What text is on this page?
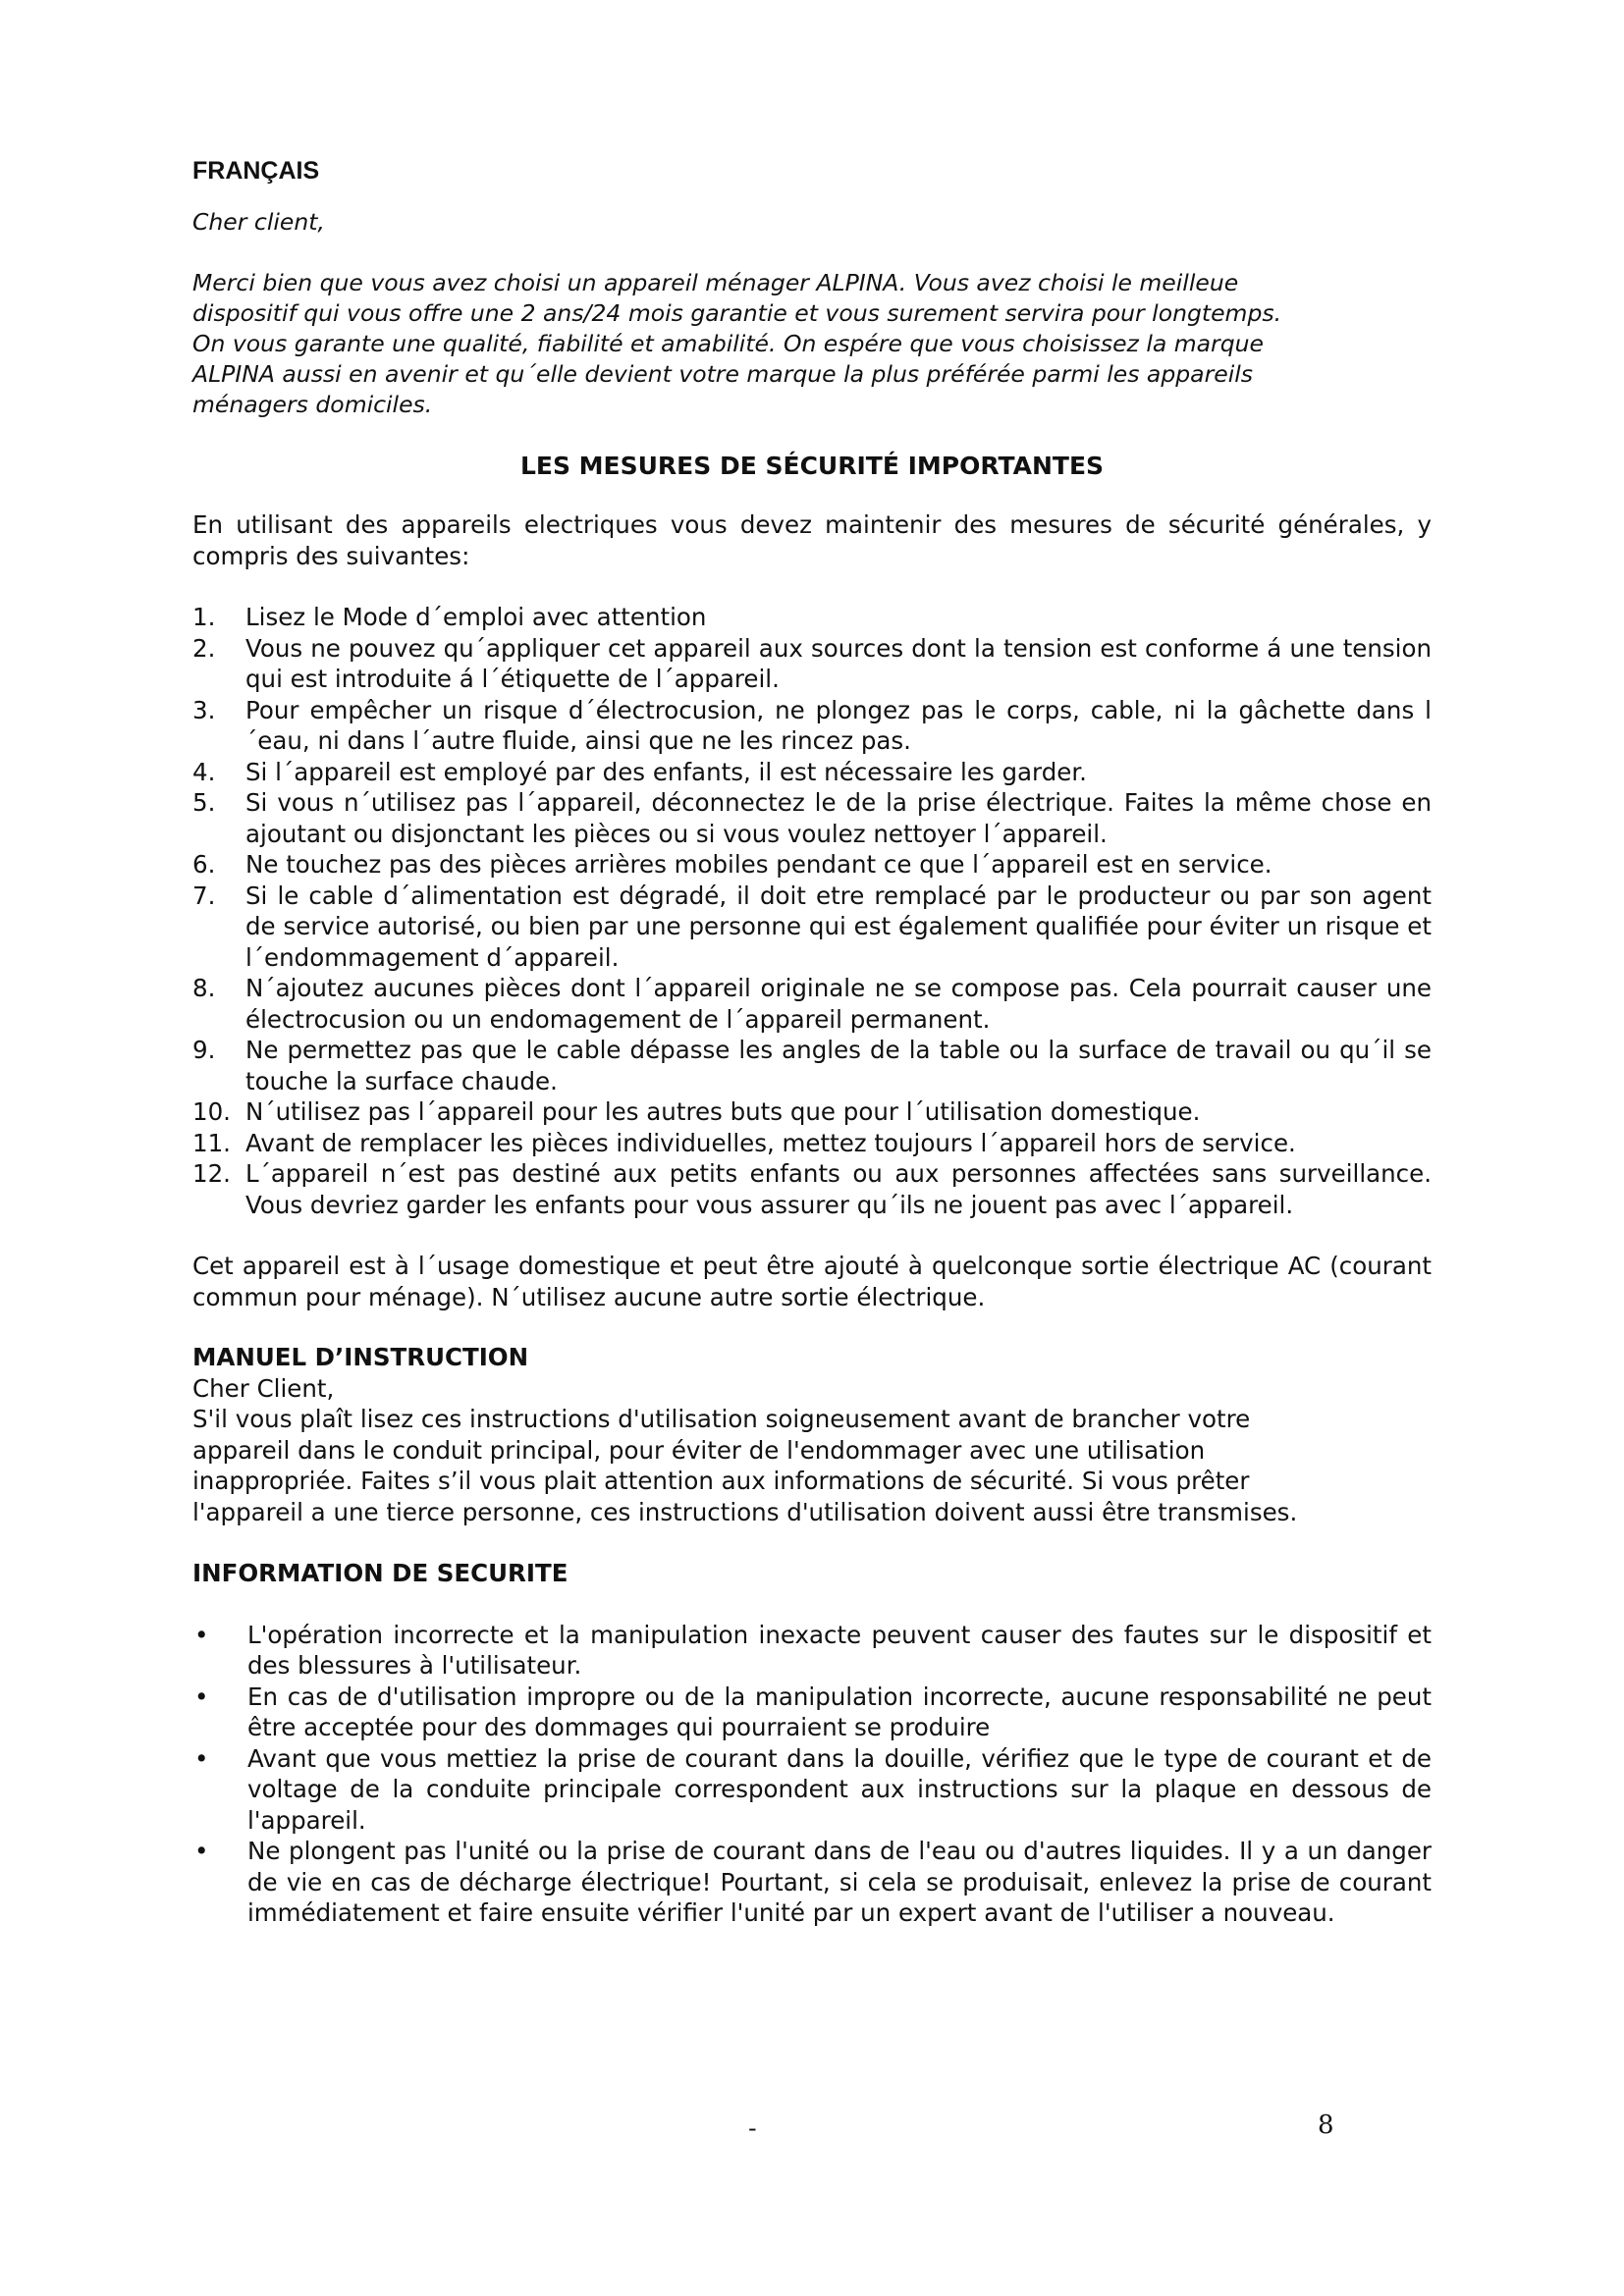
FRANÇAIS

Cher client,

Merci bien que vous avez choisi un appareil ménager ALPINA. Vous avez choisi le meilleue
dispositif qui vous offre une 2 ans/24 mois garantie et vous surement servira pour longtemps.
On vous garante une qualité, fiabilité et amabilité. On espére que vous choisissez la marque
ALPINA aussi en avenir et qu´elle devient votre marque la plus préférée parmi les appareils
ménagers domiciles.

LES MESURES DE SÉCURITÉ IMPORTANTES

En utilisant des appareils electriques vous devez maintenir des mesures de sécurité générales, y compris des suivantes:

1.	Lisez le Mode d´emploi avec attention
2.	Vous ne pouvez qu´appliquer cet appareil aux sources dont la tension est conforme á une tension qui est introduite á l´étiquette de l´appareil.
3.	Pour empêcher un risque d´électrocusion, ne plongez pas le corps, cable, ni la gâchette dans l´eau, ni dans l´autre fluide, ainsi que ne les rincez pas.
4.	Si l´appareil est employé par des enfants, il est nécessaire les garder.
5.	Si vous n´utilisez pas l´appareil, déconnectez le de la prise électrique. Faites la même chose en ajoutant ou disjonctant les pièces ou si vous voulez nettoyer l´appareil.
6.	Ne touchez pas des pièces arrières mobiles pendant ce que l´appareil est en service.
7.	Si le cable d´alimentation est dégradé, il doit etre remplacé par le producteur ou par son agent de service autorisé, ou bien par une personne qui est également qualifiée pour éviter un risque et l´endommagement d´appareil.
8.	N´ajoutez aucunes pièces dont l´appareil originale ne se compose pas. Cela pourrait causer une électrocusion ou un endomagement de l´appareil permanent.
9.	Ne permettez pas que le cable dépasse les angles de la table ou la surface de travail ou qu´il se touche la surface chaude.
10. N´utilisez pas l´appareil pour les autres buts que pour l´utilisation domestique.
11. Avant de remplacer les pièces individuelles, mettez toujours l´appareil hors de service.
12. L´appareil n´est pas destiné aux petits enfants ou aux personnes affectées sans surveillance. Vous devriez garder les enfants pour vous assurer qu´ils ne jouent pas avec l´appareil.

Cet appareil est à l´usage domestique et peut être ajouté à quelconque sortie électrique AC (courant commun pour ménage). N´utilisez aucune autre sortie électrique.

MANUEL D’INSTRUCTION

Cher Client,
S'il vous plaît lisez ces instructions d'utilisation soigneusement avant de brancher votre
appareil dans le conduit principal, pour éviter de l'endommager avec une utilisation
inappropriée. Faites s’il vous plait attention aux informations de sécurité. Si vous prêter
l'appareil a une tierce personne, ces instructions d'utilisation doivent aussi être transmises.

INFORMATION DE SECURITE
•	L'opération incorrecte et la manipulation inexacte peuvent causer des fautes sur le dispositif et des blessures à l'utilisateur.
•	En cas de d'utilisation impropre ou de la manipulation incorrecte, aucune responsabilité ne peut être acceptée pour des dommages qui pourraient se produire
•	Avant que vous mettiez la prise de courant dans la douille, vérifiez que le type de courant et de voltage de la conduite principale correspondent aux instructions sur la plaque en dessous de l'appareil.
•	Ne plongent pas l'unité ou la prise de courant dans de l'eau ou d'autres liquides. Il y a un danger de vie en cas de décharge électrique! Pourtant, si cela se produisait, enlevez la prise de courant immédiatement et faire ensuite vérifier l'unité par un expert avant de l'utiliser a nouveau.
-	8
